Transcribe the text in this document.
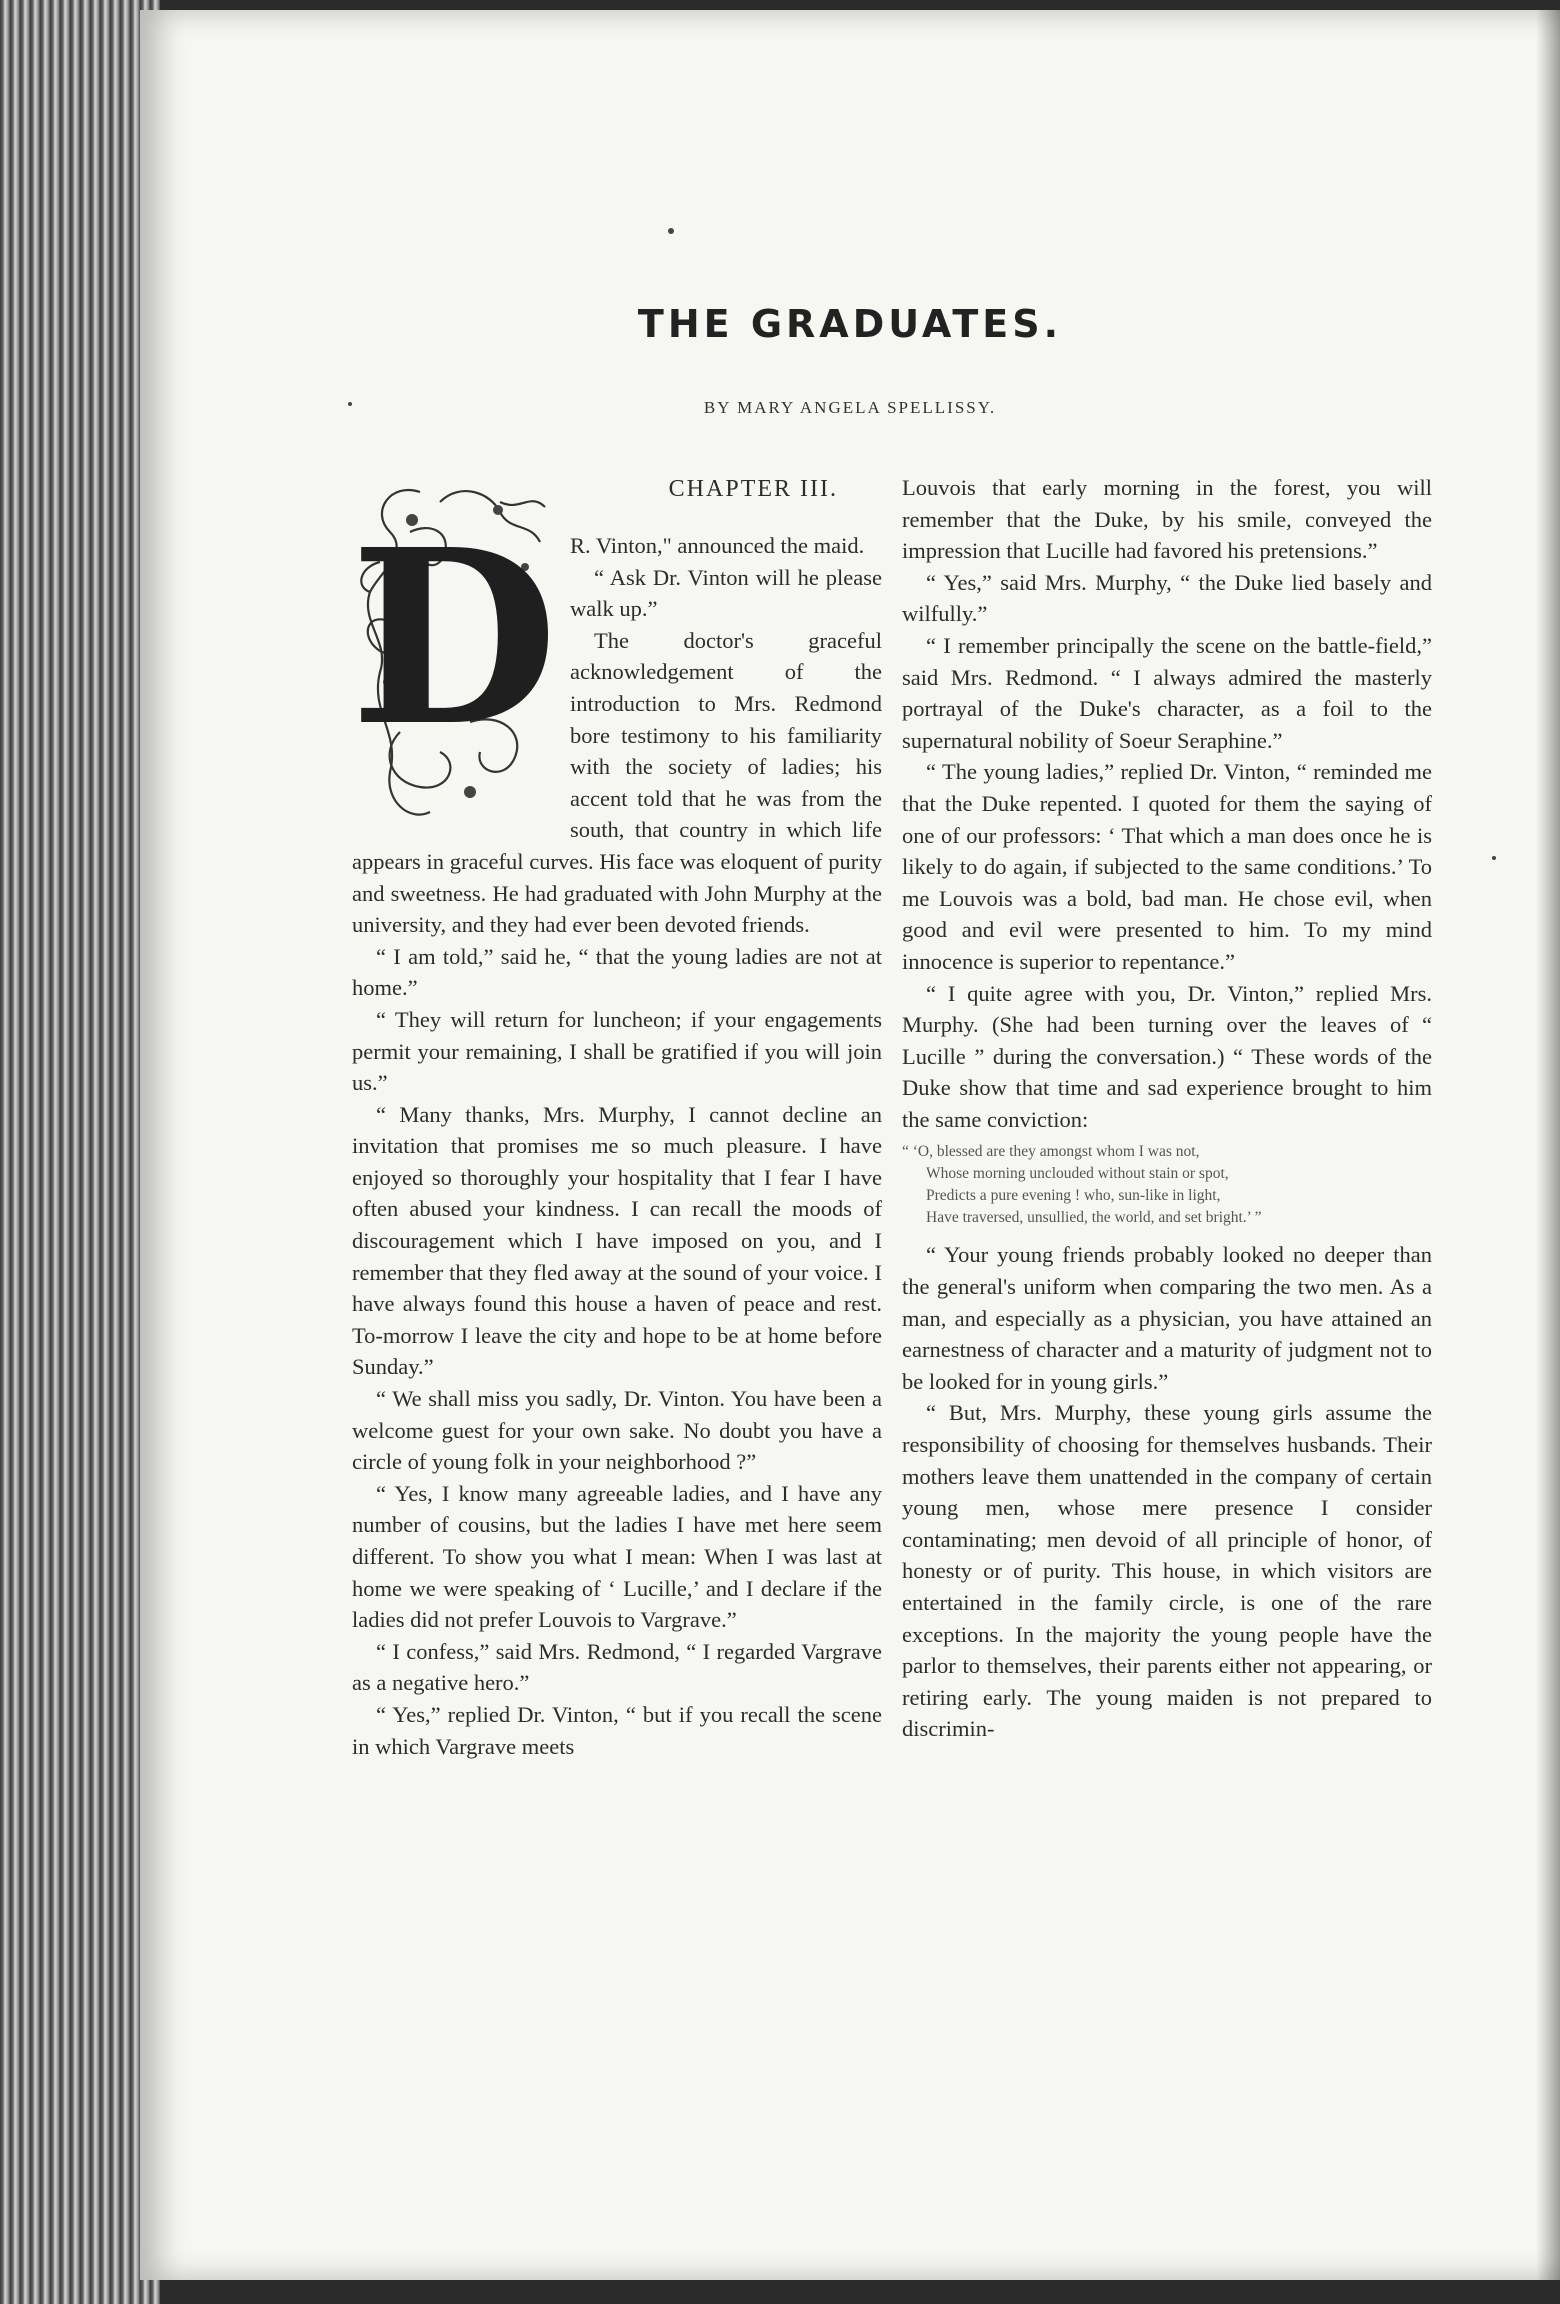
THE GRADUATES.
BY MARY ANGELA SPELLISSY.
D
CHAPTER III.

R. Vinton," announced the maid.

“ Ask Dr. Vinton will he please walk up.”

The doctor's graceful acknowledgement of the introduction to Mrs. Redmond bore testimony to his familiarity with the society of ladies; his accent told that he was from the south, that country in which life appears in graceful curves. His face was eloquent of purity and sweetness. He had graduated with John Murphy at the university, and they had ever been devoted friends.

“ I am told,” said he, “ that the young ladies are not at home.”

“ They will return for luncheon; if your engagements permit your remaining, I shall be gratified if you will join us.”

“ Many thanks, Mrs. Murphy, I cannot decline an invitation that promises me so much pleasure. I have enjoyed so thoroughly your hospitality that I fear I have often abused your kindness. I can recall the moods of discouragement which I have imposed on you, and I remember that they fled away at the sound of your voice. I have always found this house a haven of peace and rest. To-morrow I leave the city and hope to be at home before Sunday.”

“ We shall miss you sadly, Dr. Vinton. You have been a welcome guest for your own sake. No doubt you have a circle of young folk in your neighborhood ?”

“ Yes, I know many agreeable ladies, and I have any number of cousins, but the ladies I have met here seem different. To show you what I mean: When I was last at home we were speaking of ‘ Lucille,’ and I declare if the ladies did not prefer Louvois to Vargrave.”

“ I confess,” said Mrs. Redmond, “ I regarded Vargrave as a negative hero.”

“ Yes,” replied Dr. Vinton, “ but if you recall the scene in which Vargrave meets

Louvois that early morning in the forest, you will remember that the Duke, by his smile, conveyed the impression that Lucille had favored his pretensions.”

“ Yes,” said Mrs. Murphy, “ the Duke lied basely and wilfully.”

“ I remember principally the scene on the battle-field,” said Mrs. Redmond. “ I always admired the masterly portrayal of the Duke's character, as a foil to the supernatural nobility of Soeur Seraphine.”

“ The young ladies,” replied Dr. Vinton, “ reminded me that the Duke repented. I quoted for them the saying of one of our professors: ‘ That which a man does once he is likely to do again, if subjected to the same conditions.’ To me Louvois was a bold, bad man. He chose evil, when good and evil were presented to him. To my mind innocence is superior to repentance.”

“ I quite agree with you, Dr. Vinton,” replied Mrs. Murphy. (She had been turning over the leaves of “ Lucille ” during the conversation.) “ These words of the Duke show that time and sad experience brought to him the same conviction:

“ ‘O, blessed are they amongst whom I was not,
Whose morning unclouded without stain or spot,
Predicts a pure evening ! who, sun-like in light,
Have traversed, unsullied, the world, and set bright.’ ”

“ Your young friends probably looked no deeper than the general's uniform when comparing the two men. As a man, and especially as a physician, you have attained an earnestness of character and a maturity of judgment not to be looked for in young girls.”

“ But, Mrs. Murphy, these young girls assume the responsibility of choosing for themselves husbands. Their mothers leave them unattended in the company of certain young men, whose mere presence I consider contaminating; men devoid of all principle of honor, of honesty or of purity. This house, in which visitors are entertained in the family circle, is one of the rare exceptions. In the majority the young people have the parlor to themselves, their parents either not appearing, or retiring early. The young maiden is not prepared to discrimin-
